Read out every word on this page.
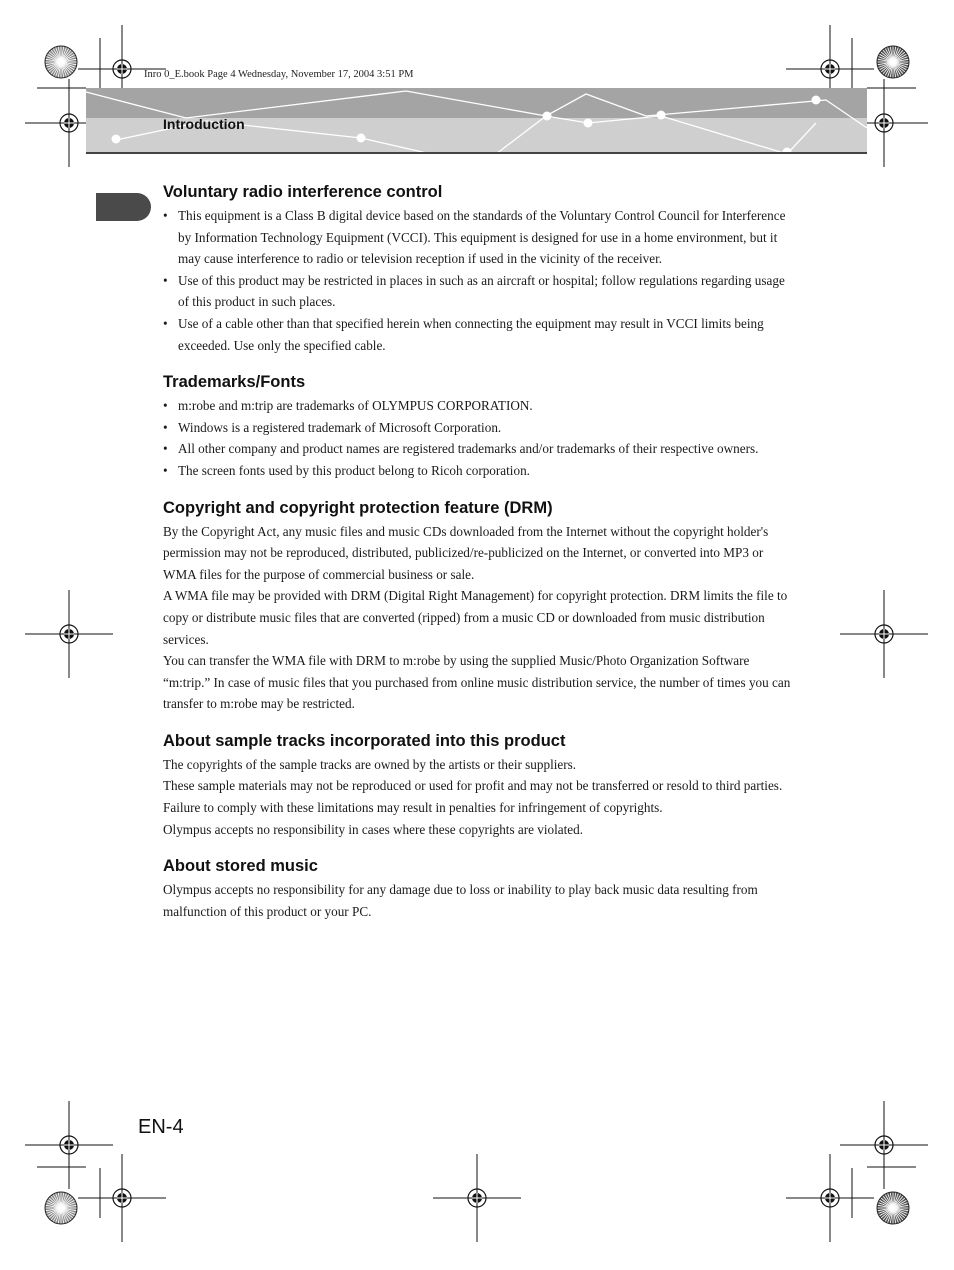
Inro 0_E.book Page 4 Wednesday, November 17, 2004 3:51 PM
Introduction
Voluntary radio interference control
• This equipment is a Class B digital device based on the standards of the Voluntary Control Council for Interference by Information Technology Equipment (VCCI). This equipment is designed for use in a home environment, but it may cause interference to radio or television reception if used in the vicinity of the receiver.
• Use of this product may be restricted in places in such as an aircraft or hospital; follow regulations regarding usage of this product in such places.
• Use of a cable other than that specified herein when connecting the equipment may result in VCCI limits being exceeded. Use only the specified cable.
Trademarks/Fonts
• m:robe and m:trip are trademarks of OLYMPUS CORPORATION.
• Windows is a registered trademark of Microsoft Corporation.
• All other company and product names are registered trademarks and/or trademarks of their respective owners.
• The screen fonts used by this product belong to Ricoh corporation.
Copyright and copyright protection feature (DRM)

By the Copyright Act, any music files and music CDs downloaded from the Internet without the copyright holder's permission may not be reproduced, distributed, publicized/re-publicized on the Internet, or converted into MP3 or WMA files for the purpose of commercial business or sale.

A WMA file may be provided with DRM (Digital Right Management) for copyright protection. DRM limits the file to copy or distribute music files that are converted (ripped) from a music CD or downloaded from music distribution services.

You can transfer the WMA file with DRM to m:robe by using the supplied Music/Photo Organization Software “m:trip.” In case of music files that you purchased from online music distribution service, the number of times you can transfer to m:robe may be restricted.

About sample tracks incorporated into this product

The copyrights of the sample tracks are owned by the artists or their suppliers.

These sample materials may not be reproduced or used for profit and may not be transferred or resold to third parties.

Failure to comply with these limitations may result in penalties for infringement of copyrights.

Olympus accepts no responsibility in cases where these copyrights are violated.

About stored music

Olympus accepts no responsibility for any damage due to loss or inability to play back music data resulting from malfunction of this product or your PC.

EN-4
